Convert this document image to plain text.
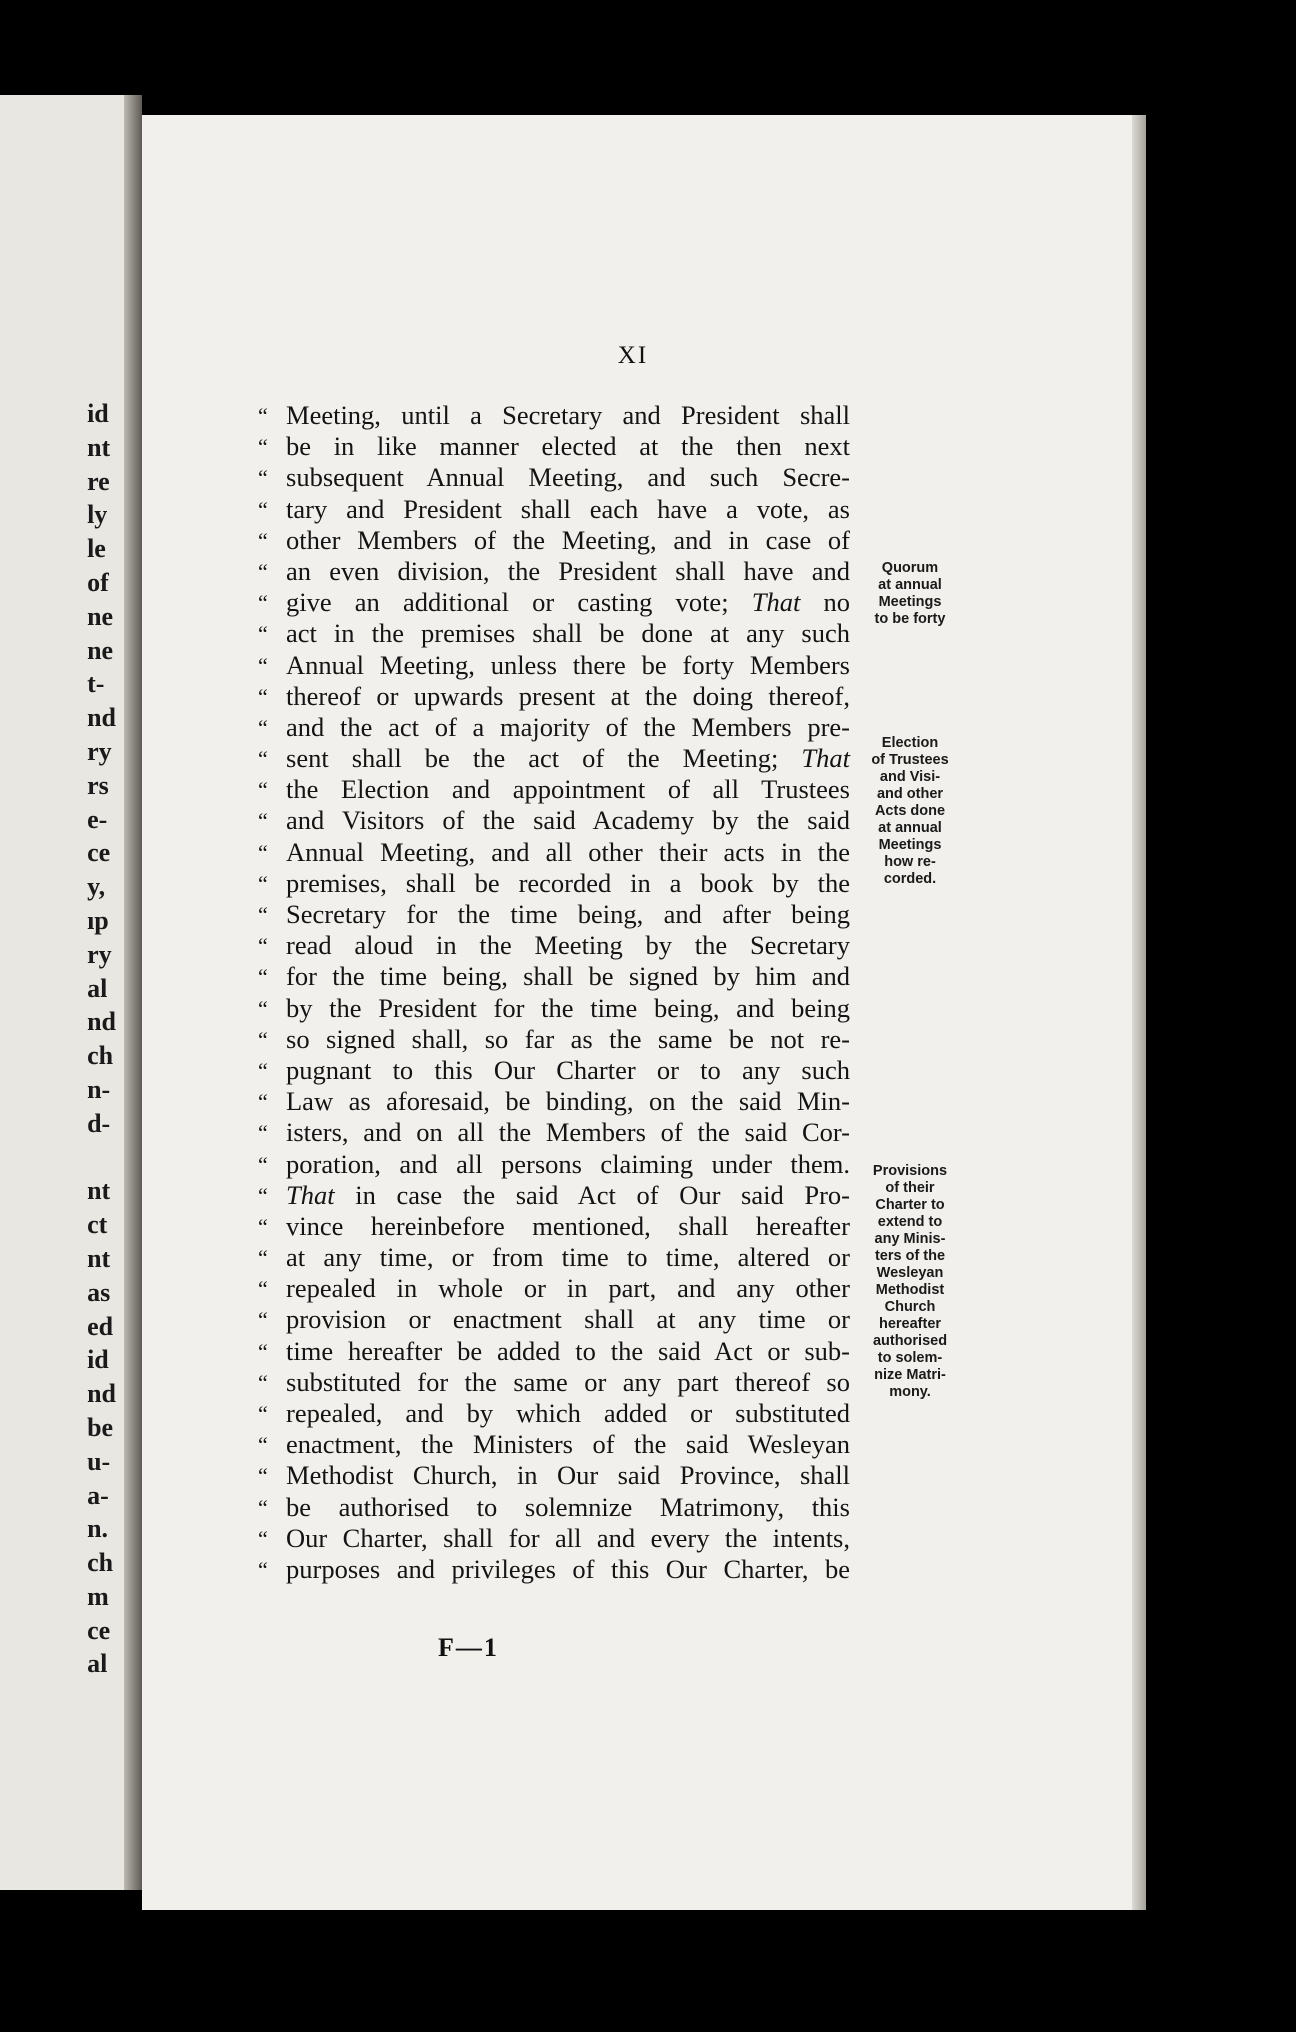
id
nt
re
ly
le
of
ne
ne
t-
nd
ry
rs
e-
ce
y,
ıp
ry
al
nd
ch
n-
d-
nt
ct
nt
as
ed
id
nd
be
u-
a-
n.
ch
m
ce
al
XI
“ Meeting, until a Secretary and President shall
“ be in like manner elected at the then next
“ subsequent Annual Meeting, and such Secre-
“ tary and President shall each have a vote, as
“ other Members of the Meeting, and in case of
“ an even division, the President shall have and
“ give an additional or casting vote; That no
“ act in the premises shall be done at any such
“ Annual Meeting, unless there be forty Members
“ thereof or upwards present at the doing thereof,
“ and the act of a majority of the Members pre-
“ sent shall be the act of the Meeting; That
“ the Election and appointment of all Trustees
“ and Visitors of the said Academy by the said
“ Annual Meeting, and all other their acts in the
“ premises, shall be recorded in a book by the
“ Secretary for the time being, and after being
“ read aloud in the Meeting by the Secretary
“ for the time being, shall be signed by him and
“ by the President for the time being, and being
“ so signed shall, so far as the same be not re-
“ pugnant to this Our Charter or to any such
“ Law as aforesaid, be binding, on the said Min-
“ isters, and on all the Members of the said Cor-
“ poration, and all persons claiming under them.
“ That in case the said Act of Our said Pro-
“ vince hereinbefore mentioned, shall hereafter
“ at any time, or from time to time, altered or
“ repealed in whole or in part, and any other
“ provision or enactment shall at any time or
“ time hereafter be added to the said Act or sub-
“ substituted for the same or any part thereof so
“ repealed, and by which added or substituted
“ enactment, the Ministers of the said Wesleyan
“ Methodist Church, in Our said Province, shall
“ be authorised to solemnize Matrimony, this
“ Our Charter, shall for all and every the intents,
“ purposes and privileges of this Our Charter, be
Quorum
at annual
Meetings
to be forty
Election
of Trustees
and Visi-
and other
Acts done
at annual
Meetings
how re-
corded.
Provisions
of their
Charter to
extend to
any Minis-
ters of the
Wesleyan
Methodist
Church
hereafter
authorised
to solem-
nize Matri-
mony.
F—1
